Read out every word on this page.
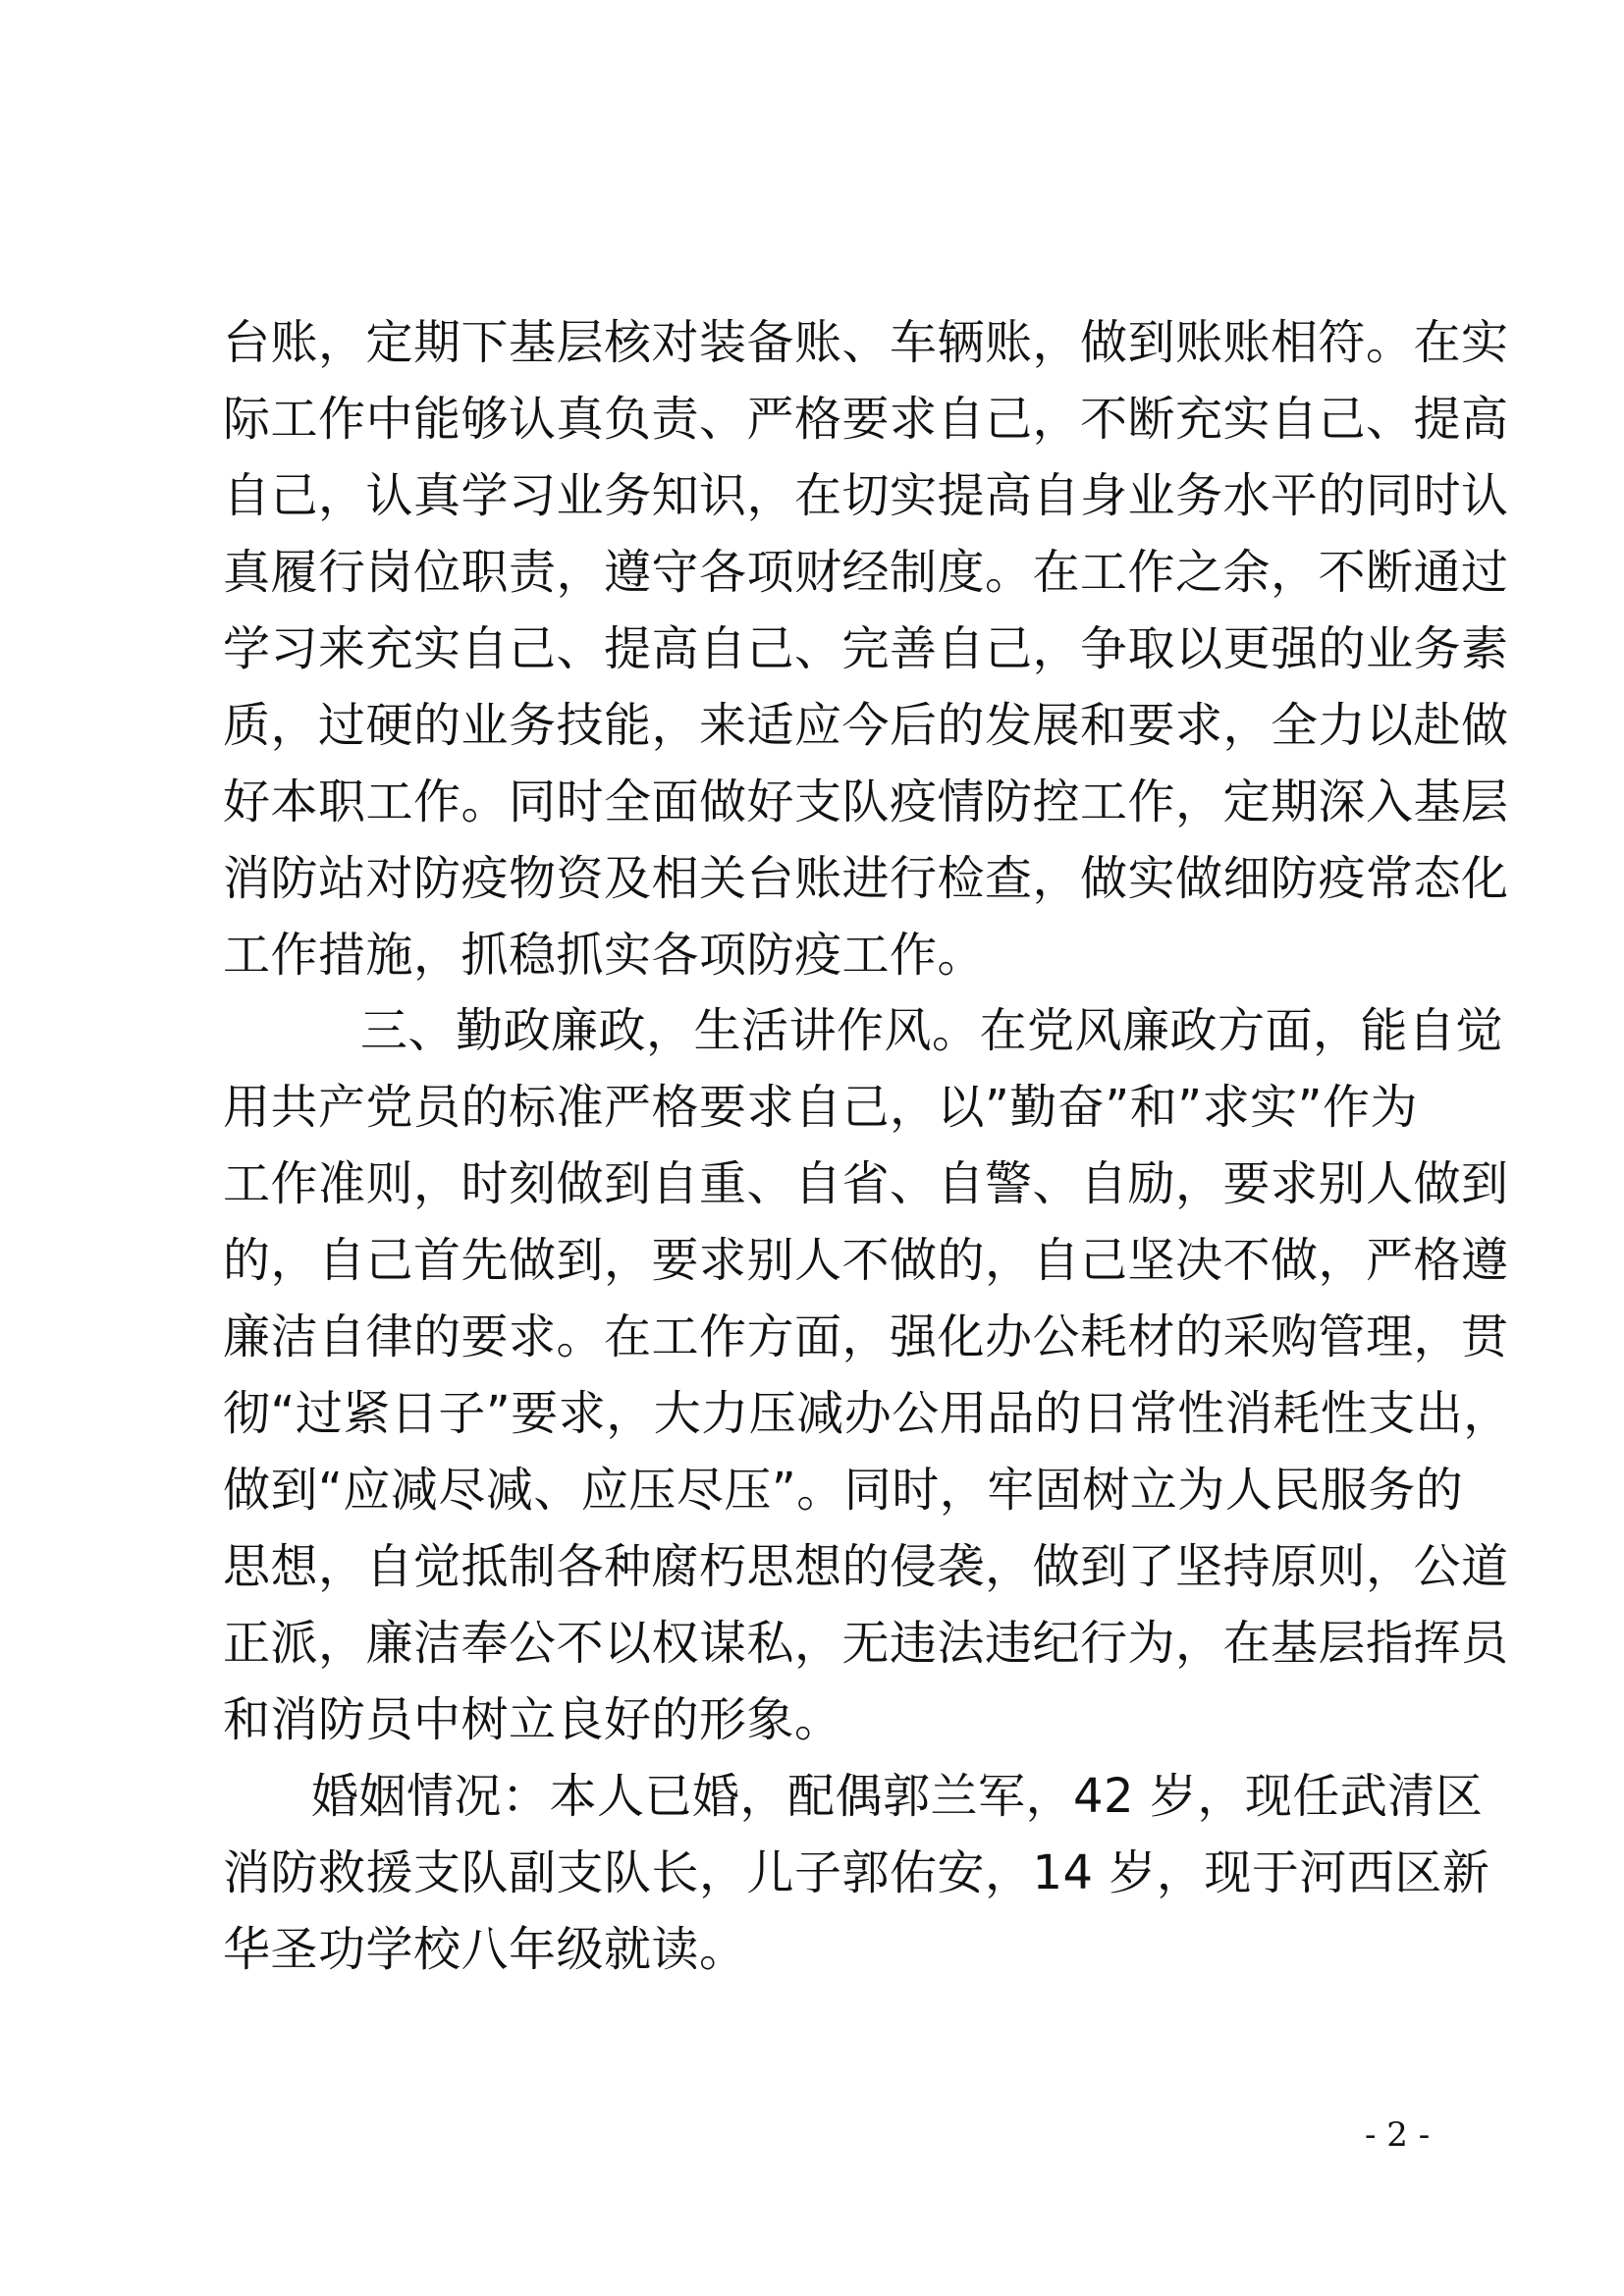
台账，定期下基层核对装备账、车辆账，做到账账相符。在实
际工作中能够认真负责、严格要求自己，不断充实自己、提高
自己，认真学习业务知识，在切实提高自身业务水平的同时认
真履行岗位职责，遵守各项财经制度。在工作之余，不断通过
学习来充实自己、提高自己、完善自己，争取以更强的业务素
质，过硬的业务技能，来适应今后的发展和要求，全力以赴做
好本职工作。同时全面做好支队疫情防控工作，定期深入基层
消防站对防疫物资及相关台账进行检查，做实做细防疫常态化
工作措施，抓稳抓实各项防疫工作。
三、勤政廉政，生活讲作风。在党风廉政方面，能自觉
用共产党员的标准严格要求自己，以”勤奋”和”求实”作为
工作准则，时刻做到自重、自省、自警、自励，要求别人做到
的，自己首先做到，要求别人不做的，自己坚决不做，严格遵
廉洁自律的要求。在工作方面，强化办公耗材的采购管理，贯
彻“过紧日子”要求，大力压减办公用品的日常性消耗性支出，
做到“应减尽减、应压尽压”。同时，牢固树立为人民服务的
思想，自觉抵制各种腐朽思想的侵袭，做到了坚持原则，公道
正派，廉洁奉公不以权谋私，无违法违纪行为，在基层指挥员
和消防员中树立良好的形象。
婚姻情况：本人已婚，配偶郭兰军，42 岁，现任武清区
消防救援支队副支队长，儿子郭佑安，14 岁，现于河西区新
华圣功学校八年级就读。
- 2 -
